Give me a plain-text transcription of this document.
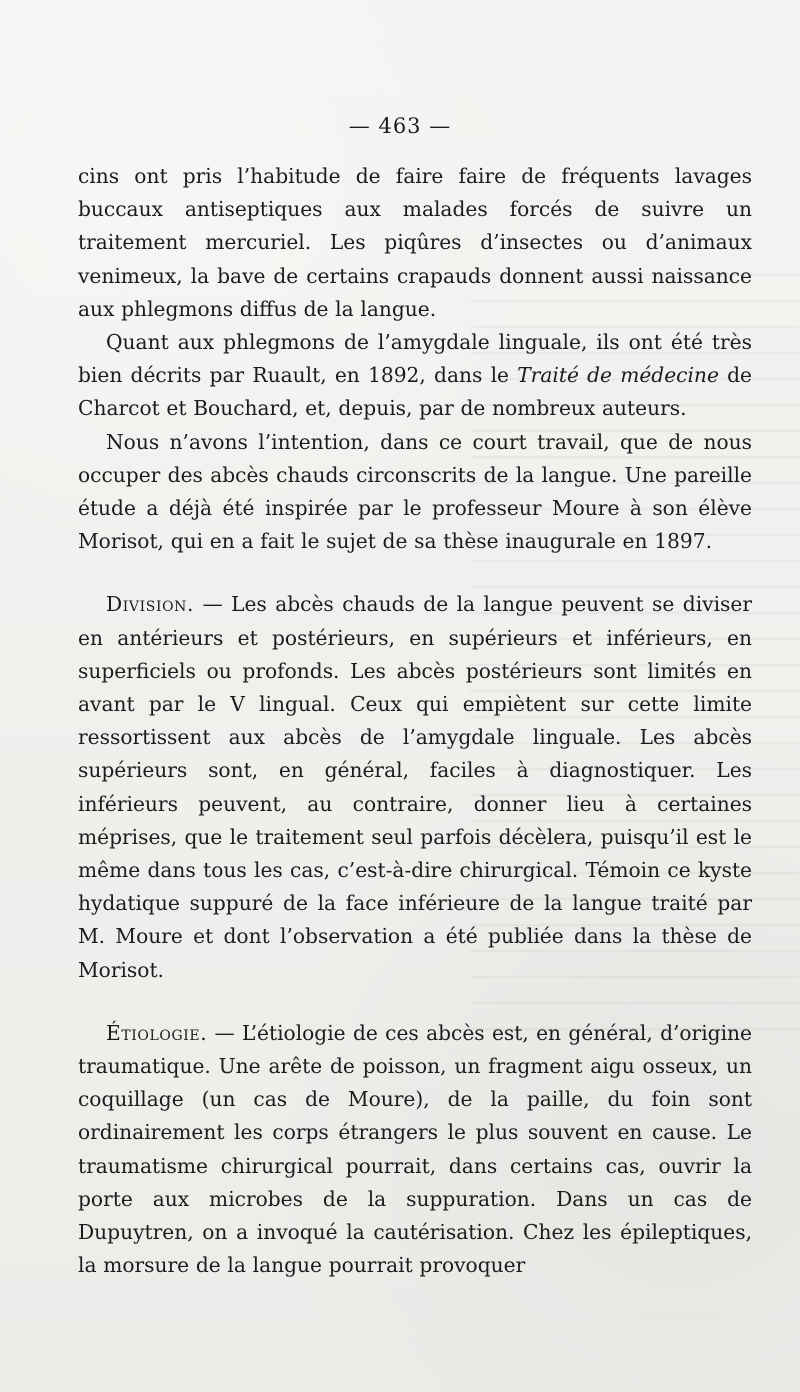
— 463 —

cins ont pris l’habitude de faire faire de fréquents lavages buccaux antiseptiques aux malades forcés de suivre un traitement mercuriel. Les piqûres d’insectes ou d’animaux venimeux, la bave de certains crapauds donnent aussi naissance aux phlegmons diffus de la langue.

Quant aux phlegmons de l’amygdale linguale, ils ont été très bien décrits par Ruault, en 1892, dans le Traité de médecine de Charcot et Bouchard, et, depuis, par de nombreux auteurs.

Nous n’avons l’intention, dans ce court travail, que de nous occuper des abcès chauds circonscrits de la langue. Une pareille étude a déjà été inspirée par le professeur Moure à son élève Morisot, qui en a fait le sujet de sa thèse inaugurale en 1897.

Division. — Les abcès chauds de la langue peuvent se diviser en antérieurs et postérieurs, en supérieurs et inférieurs, en superficiels ou profonds. Les abcès postérieurs sont limités en avant par le V lingual. Ceux qui empiètent sur cette limite ressortissent aux abcès de l’amygdale linguale. Les abcès supérieurs sont, en général, faciles à diagnostiquer. Les inférieurs peuvent, au contraire, donner lieu à certaines méprises, que le traitement seul parfois décèlera, puisqu’il est le même dans tous les cas, c’est-à-dire chirurgical. Témoin ce kyste hydatique suppuré de la face inférieure de la langue traité par M. Moure et dont l’observation a été publiée dans la thèse de Morisot.

Étiologie. — L’étiologie de ces abcès est, en général, d’origine traumatique. Une arête de poisson, un fragment aigu osseux, un coquillage (un cas de Moure), de la paille, du foin sont ordinairement les corps étrangers le plus souvent en cause. Le traumatisme chirurgical pourrait, dans certains cas, ouvrir la porte aux microbes de la suppuration. Dans un cas de Dupuytren, on a invoqué la cautérisation. Chez les épileptiques, la morsure de la langue pourrait provoquer
